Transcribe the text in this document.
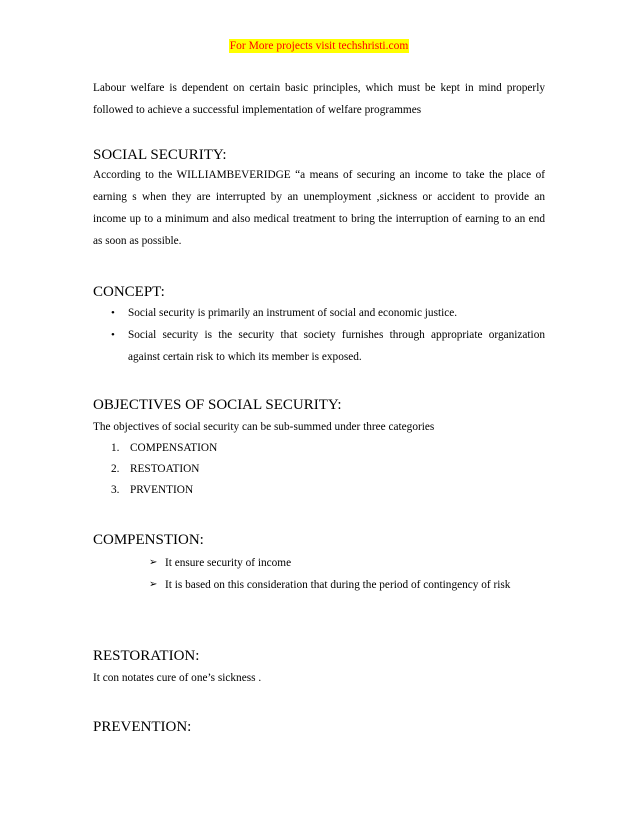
For More projects visit techshristi.com

Labour welfare is dependent on certain basic principles, which must be kept in mind properly followed to achieve a successful implementation of welfare programmes

SOCIAL SECURITY:

According to the WILLIAMBEVERIDGE “a means of securing an income to take the place of earning s when they are interrupted by an unemployment ,sickness or accident to provide an income up to a minimum and also medical treatment to bring the interruption of earning to an end as soon as possible.

CONCEPT:
• Social security is primarily an instrument of social and economic justice.
• Social security is the security that society furnishes through appropriate organization against certain risk to which its member is exposed.
OBJECTIVES OF SOCIAL SECURITY:

The objectives of social security can be sub-summed under three categories

1. COMPENSATION
2. RESTOATION
3. PRVENTION
COMPENSTION:
➢ It ensure security of income
➢ It is based on this consideration that during the period of contingency of risk
RESTORATION:

It con notates cure of one’s sickness .

PREVENTION:
